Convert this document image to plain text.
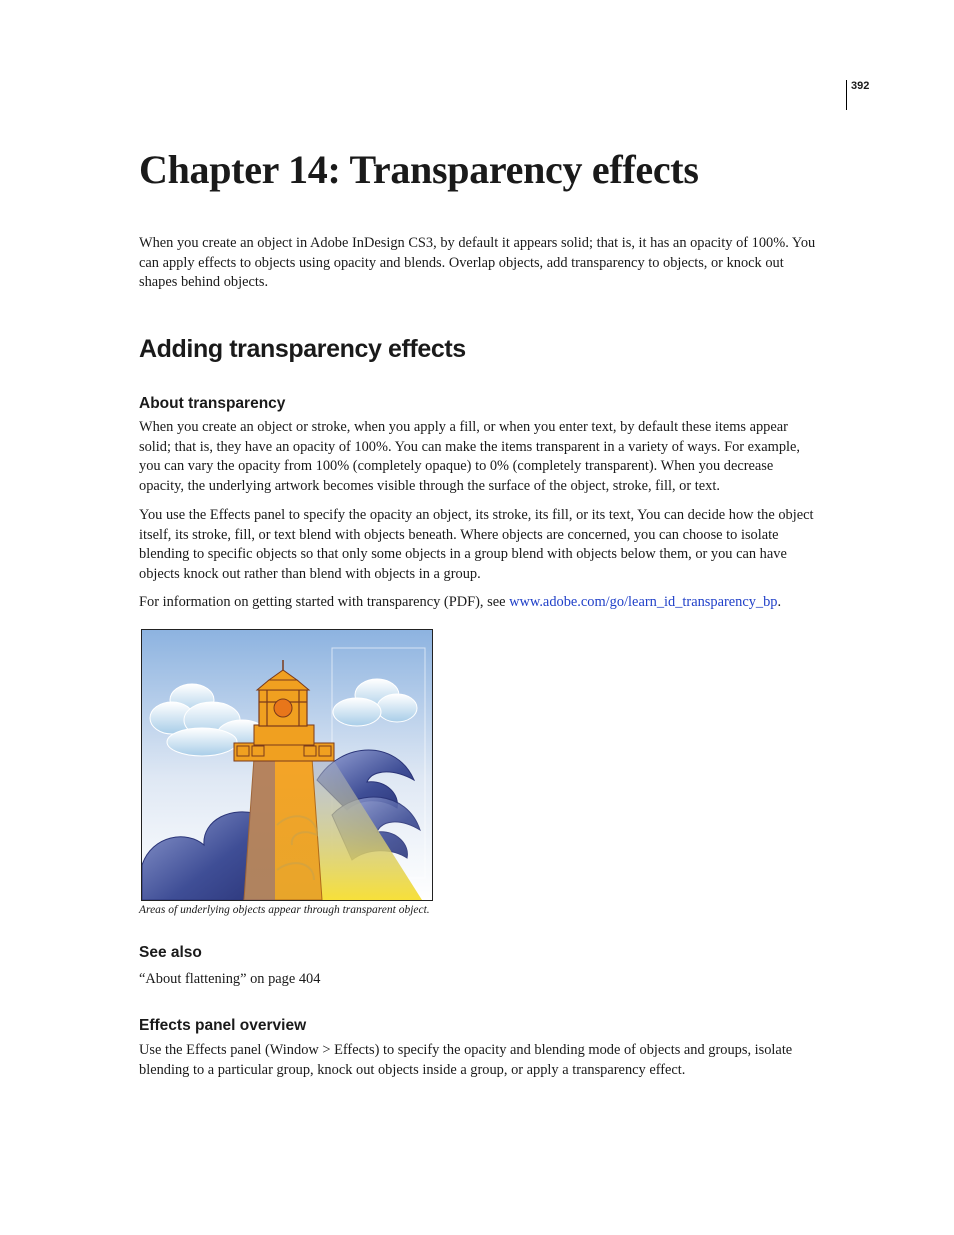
392
Chapter 14: Transparency effects

When you create an object in Adobe InDesign CS3, by default it appears solid; that is, it has an opacity of 100%. You can apply effects to objects using opacity and blends. Overlap objects, add transparency to objects, or knock out shapes behind objects.

Adding transparency effects
About transparency

When you create an object or stroke, when you apply a fill, or when you enter text, by default these items appear solid; that is, they have an opacity of 100%. You can make the items transparent in a variety of ways. For example, you can vary the opacity from 100% (completely opaque) to 0% (completely transparent). When you decrease opacity, the underlying artwork becomes visible through the surface of the object, stroke, fill, or text.

You use the Effects panel to specify the opacity an object, its stroke, its fill, or its text, You can decide how the object itself, its stroke, fill, or text blend with objects beneath. Where objects are concerned, you can choose to isolate blending to specific objects so that only some objects in a group blend with objects below them, or you can have objects knock out rather than blend with objects in a group.

For information on getting started with transparency (PDF), see www.adobe.com/go/learn_id_transparency_bp.

Areas of underlying objects appear through transparent object.
See also

“About flattening” on page 404

Effects panel overview

Use the Effects panel (Window > Effects) to specify the opacity and blending mode of objects and groups, isolate blending to a particular group, knock out objects inside a group, or apply a transparency effect.
